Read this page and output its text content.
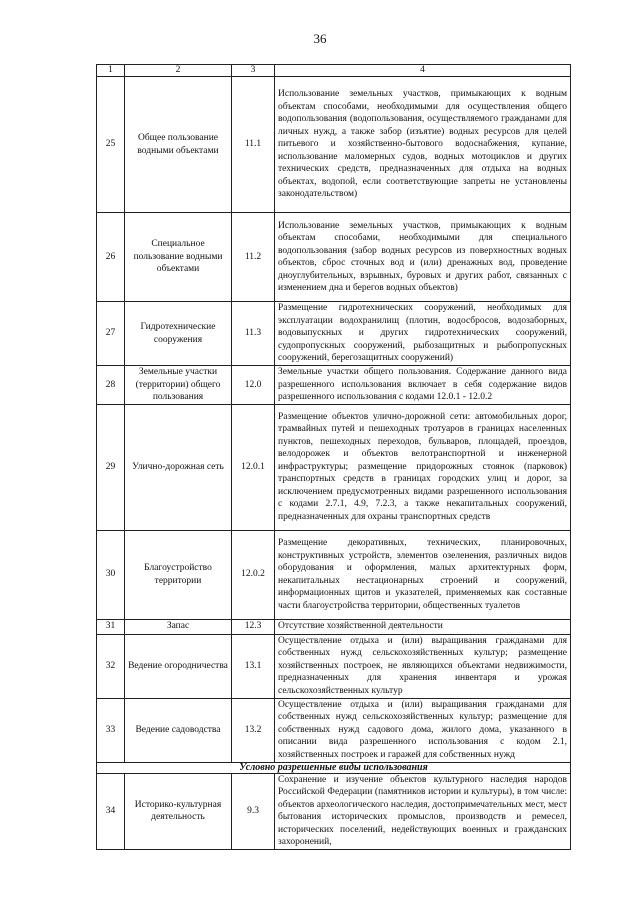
36
1	2	3	4
25	Общее пользование водными объектами	11.1	Использование земельных участков, примыкающих к водным объектам способами, необходимыми для осуществления общего водопользования (водопользования, осуществляемого гражданами для личных нужд, а также забор (изъятие) водных ресурсов для целей питьевого и хозяйственно-бытового водоснабжения, купание, использование маломерных судов, водных мотоциклов и других технических средств, предназначенных для отдыха на водных объектах, водопой, если соответствующие запреты не установлены законодательством)
26	Специальное пользование водными объектами	11.2	Использование земельных участков, примыкающих к водным объектам способами, необходимыми для специального водопользования (забор водных ресурсов из поверхностных водных объектов, сброс сточных вод и (или) дренажных вод, проведение дноуглубительных, взрывных, буровых и других работ, связанных с изменением дна и берегов водных объектов)
27	Гидротехнические сооружения	11.3	Размещение гидротехнических сооружений, необходимых для эксплуатации водохранилищ (плотин, водосбросов, водозаборных, водовыпускных и других гидротехнических сооружений, судопропускных сооружений, рыбозащитных и рыбопропускных сооружений, берегозащитных сооружений)
28	Земельные участки (территории) общего пользования	12.0	Земельные участки общего пользования. Содержание данного вида разрешенного использования включает в себя содержание видов разрешенного использования с кодами 12.0.1 - 12.0.2
29	Улично-дорожная сеть	12.0.1	Размещение объектов улично-дорожной сети: автомобильных дорог, трамвайных путей и пешеходных тротуаров в границах населенных пунктов, пешеходных переходов, бульваров, площадей, проездов, велодорожек и объектов велотранспортной и инженерной инфраструктуры; размещение придорожных стоянок (парковок) транспортных средств в границах городских улиц и дорог, за исключением предусмотренных видами разрешенного использования с кодами 2.7.1, 4.9, 7.2.3, а также некапитальных сооружений, предназначенных для охраны транспортных средств
30	Благоустройство территории	12.0.2	Размещение декоративных, технических, планировочных, конструктивных устройств, элементов озеленения, различных видов оборудования и оформления, малых архитектурных форм, некапитальных нестационарных строений и сооружений, информационных щитов и указателей, применяемых как составные части благоустройства территории, общественных туалетов
31	Запас	12.3	Отсутствие хозяйственной деятельности
32	Ведение огородничества	13.1	Осуществление отдыха и (или) выращивания гражданами для собственных нужд сельскохозяйственных культур; размещение хозяйственных построек, не являющихся объектами недвижимости, предназначенных для хранения инвентаря и урожая сельскохозяйственных культур
33	Ведение садоводства	13.2	Осуществление отдыха и (или) выращивания гражданами для собственных нужд сельскохозяйственных культур; размещение для собственных нужд садового дома, жилого дома, указанного в описании вида разрешенного использования с кодом 2.1, хозяйственных построек и гаражей для собственных нужд
Условно разрешенные виды использования			
34	Историко-культурная деятельность	9.3	Сохранение и изучение объектов культурного наследия народов Российской Федерации (памятников истории и культуры), в том числе: объектов археологического наследия, достопримечательных мест, мест бытования исторических промыслов, производств и ремесел, исторических поселений, недействующих военных и гражданских захоронений,
